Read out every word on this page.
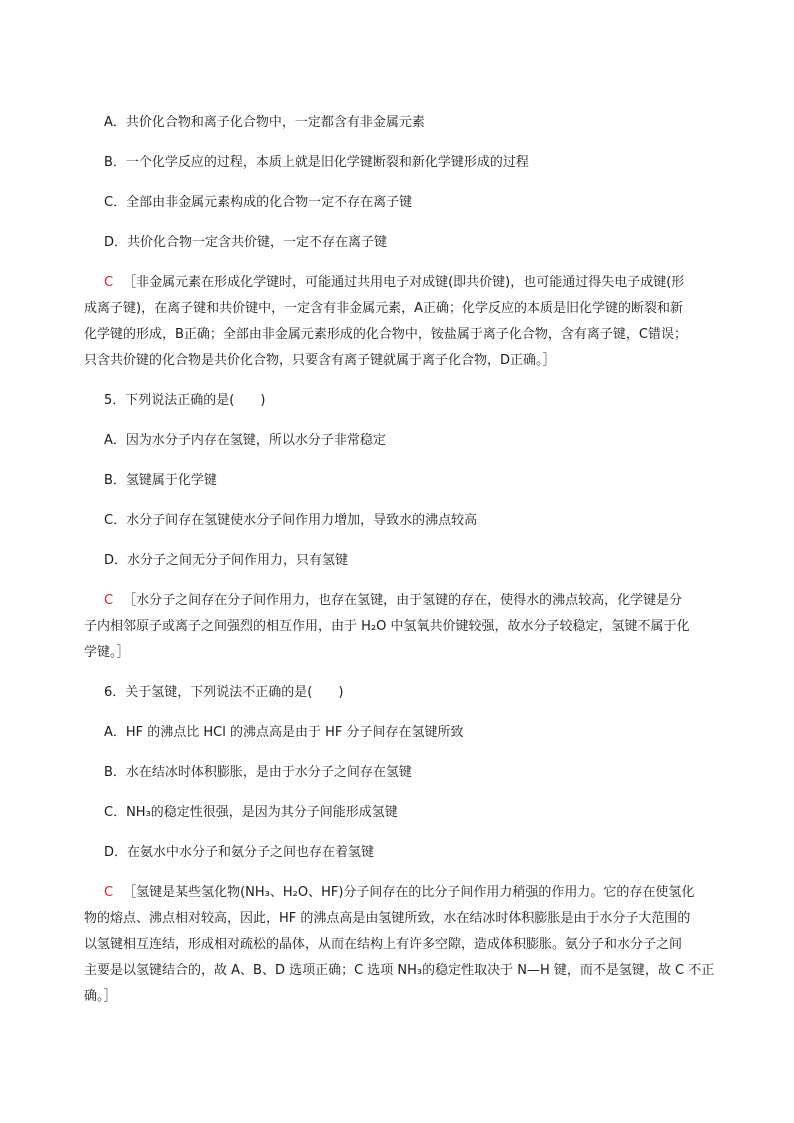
A．共价化合物和离子化合物中，一定都含有非金属元素
B．一个化学反应的过程，本质上就是旧化学键断裂和新化学键形成的过程
C．全部由非金属元素构成的化合物一定不存在离子键
D．共价化合物一定含共价键，一定不存在离子键
C ［非金属元素在形成化学键时，可能通过共用电子对成键(即共价键)，也可能通过得失电子成键(形
成离子键)，在离子键和共价键中，一定含有非金属元素，A正确；化学反应的本质是旧化学键的断裂和新
化学键的形成，B正确；全部由非金属元素形成的化合物中，铵盐属于离子化合物，含有离子键，C错误；
只含共价键的化合物是共价化合物，只要含有离子键就属于离子化合物，D正确。］
5．下列说法正确的是(　　)
A．因为水分子内存在氢键，所以水分子非常稳定
B．氢键属于化学键
C．水分子间存在氢键使水分子间作用力增加，导致水的沸点较高
D．水分子之间无分子间作用力，只有氢键
C ［水分子之间存在分子间作用力，也存在氢键，由于氢键的存在，使得水的沸点较高，化学键是分
子内相邻原子或离子之间强烈的相互作用，由于 H₂O 中氢氧共价键较强，故水分子较稳定，氢键不属于化
学键。］
6．关于氢键，下列说法不正确的是(　　)
A．HF 的沸点比 HCl 的沸点高是由于 HF 分子间存在氢键所致
B．水在结冰时体积膨胀，是由于水分子之间存在氢键
C．NH₃的稳定性很强，是因为其分子间能形成氢键
D．在氨水中水分子和氨分子之间也存在着氢键
C ［氢键是某些氢化物(NH₃、H₂O、HF)分子间存在的比分子间作用力稍强的作用力。它的存在使氢化
物的熔点、沸点相对较高，因此，HF 的沸点高是由氢键所致，水在结冰时体积膨胀是由于水分子大范围的
以氢键相互连结，形成相对疏松的晶体，从而在结构上有许多空隙，造成体积膨胀。氨分子和水分子之间
主要是以氢键结合的，故 A、B、D 选项正确；C 选项 NH₃的稳定性取决于 N—H 键，而不是氢键，故 C 不正
确。］
